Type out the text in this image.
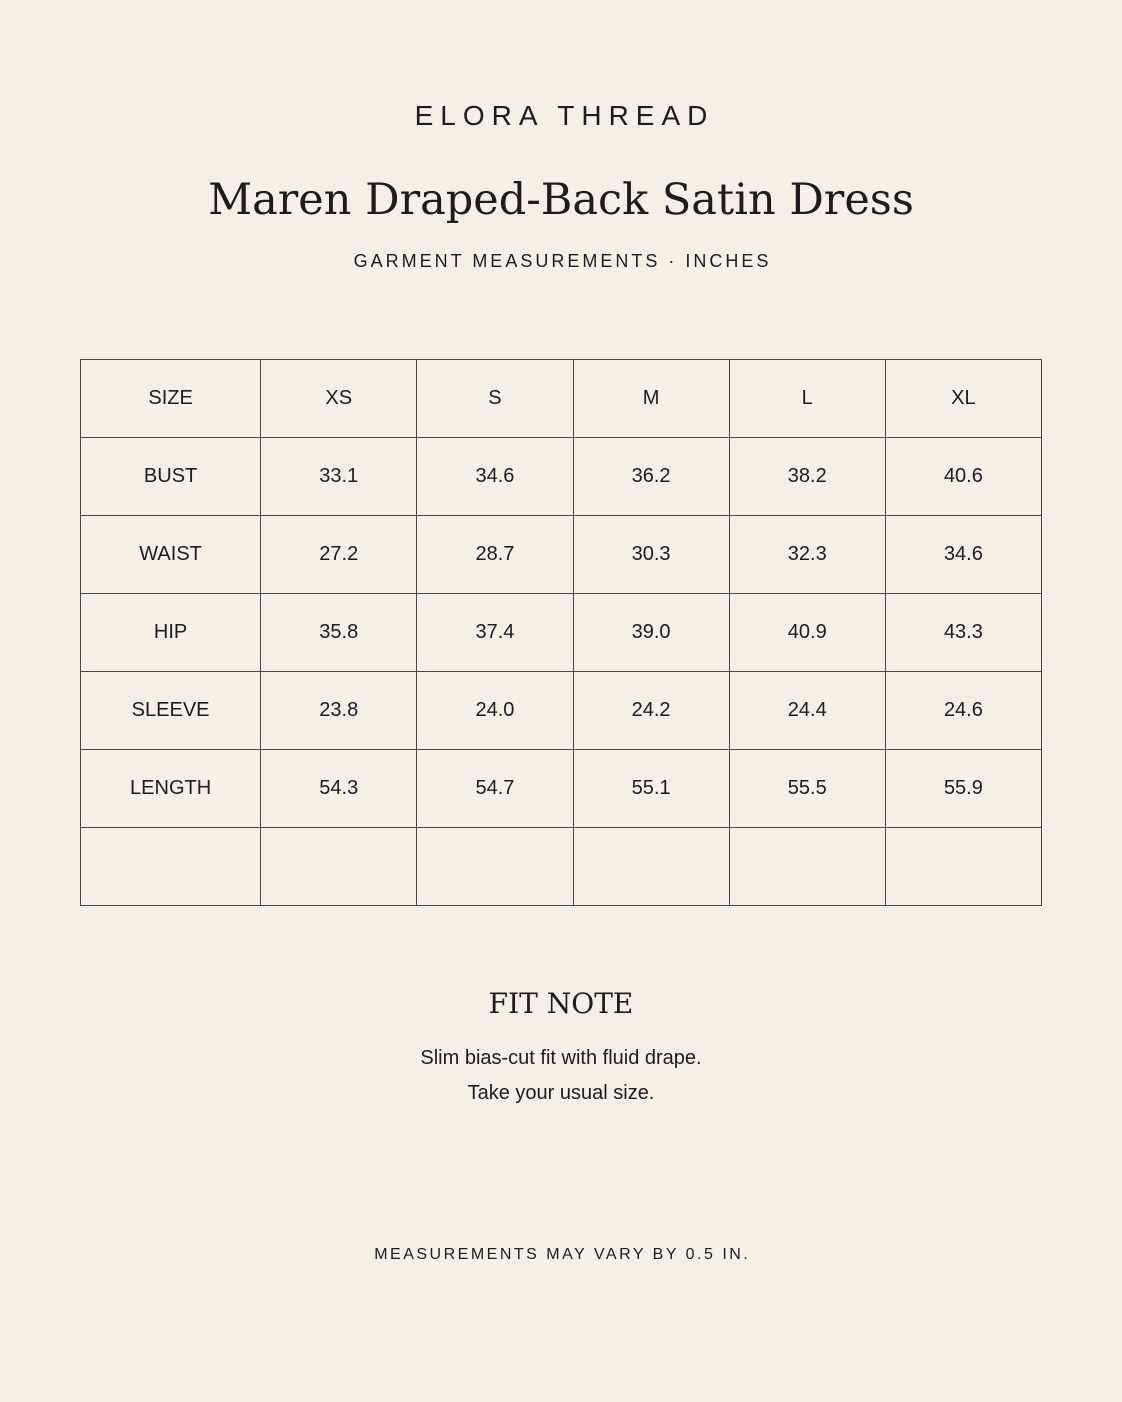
ELORA THREAD
Maren Draped-Back Satin Dress
GARMENT MEASUREMENTS · INCHES
SIZE	XS	S	M	L	XL
BUST	33.1	34.6	36.2	38.2	40.6
WAIST	27.2	28.7	30.3	32.3	34.6
HIP	35.8	37.4	39.0	40.9	43.3
SLEEVE	23.8	24.0	24.2	24.4	24.6
LENGTH	54.3	54.7	55.1	55.5	55.9

FIT NOTE
Slim bias-cut fit with fluid drape.
Take your usual size.
MEASUREMENTS MAY VARY BY 0.5 IN.
